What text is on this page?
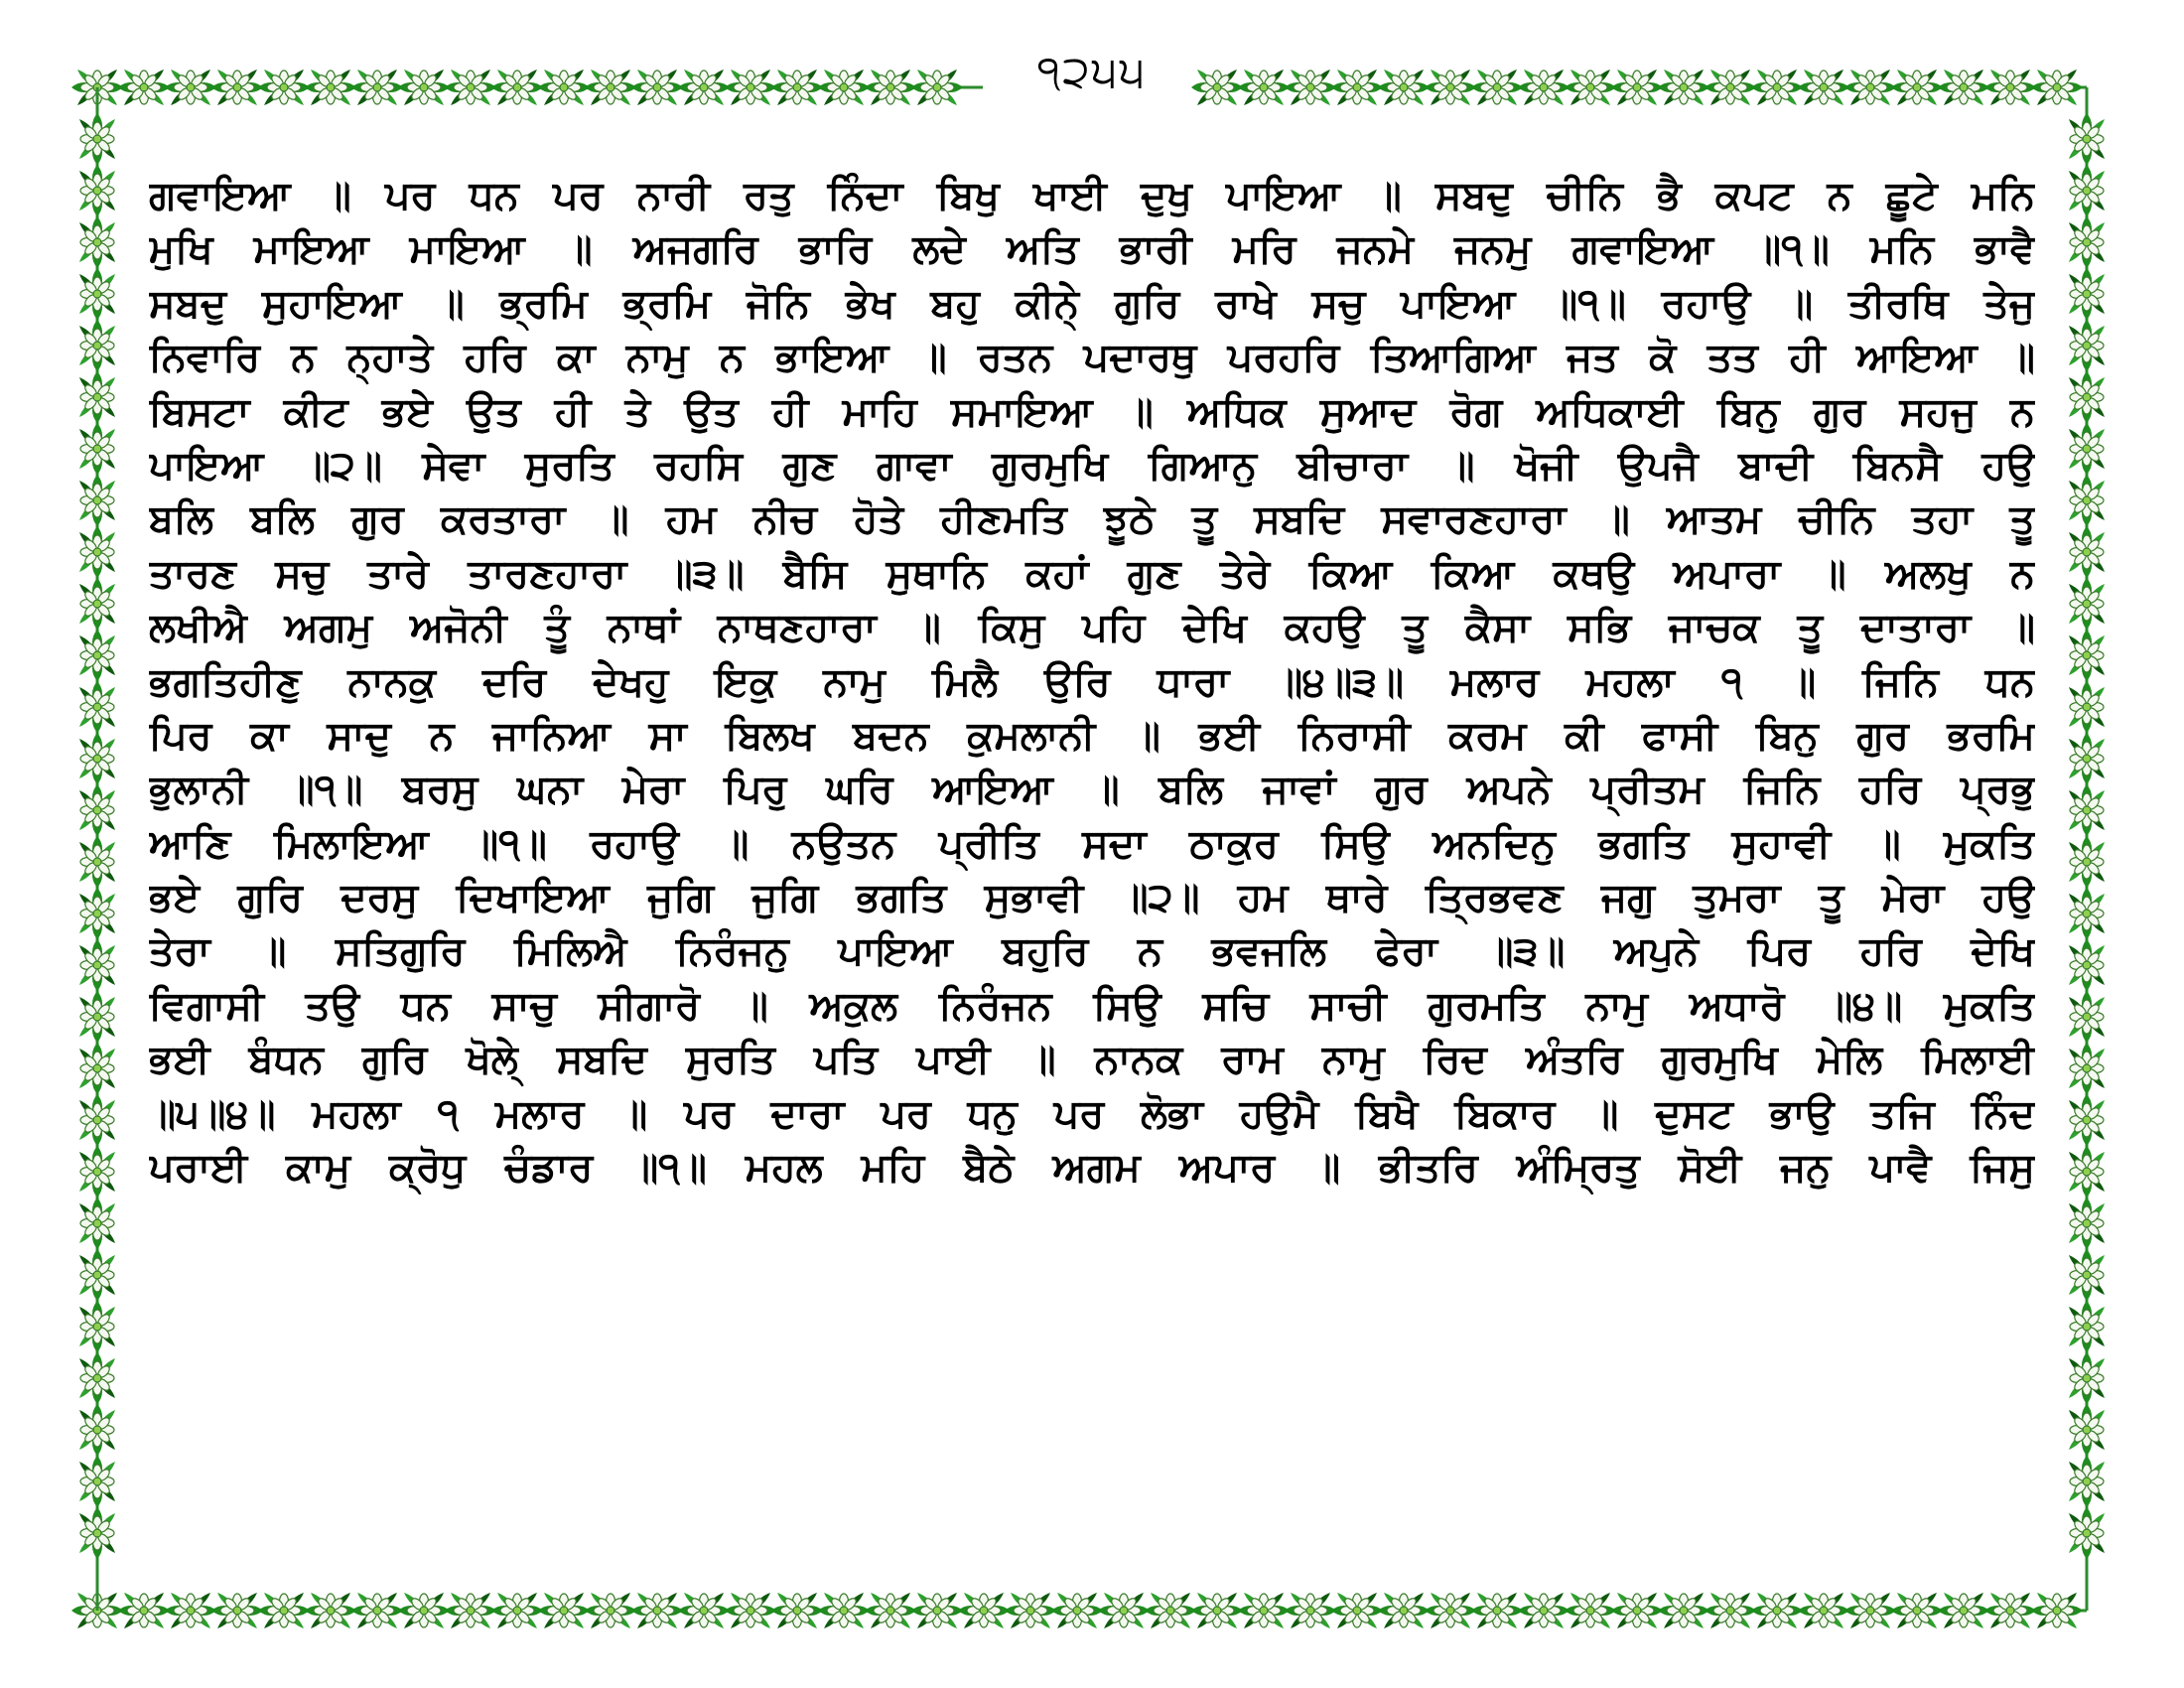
੧੨੫੫
ਗਵਾਇਆ ॥ ਪਰ ਧਨ ਪਰ ਨਾਰੀ ਰਤੁ ਨਿੰਦਾ ਬਿਖੁ ਖਾਈ ਦੁਖੁ ਪਾਇਆ ॥ ਸਬਦੁ ਚੀਨਿ ਭੈ ਕਪਟ ਨ ਛੂਟੇ ਮਨਿ
ਮੁਖਿ ਮਾਇਆ ਮਾਇਆ ॥ ਅਜਗਰਿ ਭਾਰਿ ਲਦੇ ਅਤਿ ਭਾਰੀ ਮਰਿ ਜਨਮੇ ਜਨਮੁ ਗਵਾਇਆ ॥੧॥ ਮਨਿ ਭਾਵੈ
ਸਬਦੁ ਸੁਹਾਇਆ ॥ ਭ੍ਰਮਿ ਭ੍ਰਮਿ ਜੋਨਿ ਭੇਖ ਬਹੁ ਕੀਨੇ੍ ਗੁਰਿ ਰਾਖੇ ਸਚੁ ਪਾਇਆ ॥੧॥ ਰਹਾਉ ॥ ਤੀਰਥਿ ਤੇਜੁ
ਨਿਵਾਰਿ ਨ ਨ੍ਹਾਤੇ ਹਰਿ ਕਾ ਨਾਮੁ ਨ ਭਾਇਆ ॥ ਰਤਨ ਪਦਾਰਥੁ ਪਰਹਰਿ ਤਿਆਗਿਆ ਜਤ ਕੋ ਤਤ ਹੀ ਆਇਆ ॥
ਬਿਸਟਾ ਕੀਟ ਭਏ ਉਤ ਹੀ ਤੇ ਉਤ ਹੀ ਮਾਹਿ ਸਮਾਇਆ ॥ ਅਧਿਕ ਸੁਆਦ ਰੋਗ ਅਧਿਕਾਈ ਬਿਨੁ ਗੁਰ ਸਹਜੁ ਨ
ਪਾਇਆ ॥੨॥ ਸੇਵਾ ਸੁਰਤਿ ਰਹਸਿ ਗੁਣ ਗਾਵਾ ਗੁਰਮੁਖਿ ਗਿਆਨੁ ਬੀਚਾਰਾ ॥ ਖੋਜੀ ਉਪਜੈ ਬਾਦੀ ਬਿਨਸੈ ਹਉ
ਬਲਿ ਬਲਿ ਗੁਰ ਕਰਤਾਰਾ ॥ ਹਮ ਨੀਚ ਹੋਤੇ ਹੀਣਮਤਿ ਝੂਠੇ ਤੂ ਸਬਦਿ ਸਵਾਰਣਹਾਰਾ ॥ ਆਤਮ ਚੀਨਿ ਤਹਾ ਤੂ
ਤਾਰਣ ਸਚੁ ਤਾਰੇ ਤਾਰਣਹਾਰਾ ॥੩॥ ਬੈਸਿ ਸੁਥਾਨਿ ਕਹਾਂ ਗੁਣ ਤੇਰੇ ਕਿਆ ਕਿਆ ਕਥਉ ਅਪਾਰਾ ॥ ਅਲਖੁ ਨ
ਲਖੀਐ ਅਗਮੁ ਅਜੋਨੀ ਤੂੰ ਨਾਥਾਂ ਨਾਥਣਹਾਰਾ ॥ ਕਿਸੁ ਪਹਿ ਦੇਖਿ ਕਹਉ ਤੂ ਕੈਸਾ ਸਭਿ ਜਾਚਕ ਤੂ ਦਾਤਾਰਾ ॥
ਭਗਤਿਹੀਣੁ ਨਾਨਕੁ ਦਰਿ ਦੇਖਹੁ ਇਕੁ ਨਾਮੁ ਮਿਲੈ ਉਰਿ ਧਾਰਾ ॥੪॥੩॥ ਮਲਾਰ ਮਹਲਾ ੧ ॥ ਜਿਨਿ ਧਨ
ਪਿਰ ਕਾ ਸਾਦੁ ਨ ਜਾਨਿਆ ਸਾ ਬਿਲਖ ਬਦਨ ਕੁਮਲਾਨੀ ॥ ਭਈ ਨਿਰਾਸੀ ਕਰਮ ਕੀ ਫਾਸੀ ਬਿਨੁ ਗੁਰ ਭਰਮਿ
ਭੁਲਾਨੀ ॥੧॥ ਬਰਸੁ ਘਨਾ ਮੇਰਾ ਪਿਰੁ ਘਰਿ ਆਇਆ ॥ ਬਲਿ ਜਾਵਾਂ ਗੁਰ ਅਪਨੇ ਪ੍ਰੀਤਮ ਜਿਨਿ ਹਰਿ ਪ੍ਰਭੁ
ਆਣਿ ਮਿਲਾਇਆ ॥੧॥ ਰਹਾਉ ॥ ਨਉਤਨ ਪ੍ਰੀਤਿ ਸਦਾ ਠਾਕੁਰ ਸਿਉ ਅਨਦਿਨੁ ਭਗਤਿ ਸੁਹਾਵੀ ॥ ਮੁਕਤਿ
ਭਏ ਗੁਰਿ ਦਰਸੁ ਦਿਖਾਇਆ ਜੁਗਿ ਜੁਗਿ ਭਗਤਿ ਸੁਭਾਵੀ ॥੨॥ ਹਮ ਥਾਰੇ ਤ੍ਰਿਭਵਣ ਜਗੁ ਤੁਮਰਾ ਤੂ ਮੇਰਾ ਹਉ
ਤੇਰਾ ॥ ਸਤਿਗੁਰਿ ਮਿਲਿਐ ਨਿਰੰਜਨੁ ਪਾਇਆ ਬਹੁਰਿ ਨ ਭਵਜਲਿ ਫੇਰਾ ॥੩॥ ਅਪੁਨੇ ਪਿਰ ਹਰਿ ਦੇਖਿ
ਵਿਗਾਸੀ ਤਉ ਧਨ ਸਾਚੁ ਸੀਗਾਰੋ ॥ ਅਕੁਲ ਨਿਰੰਜਨ ਸਿਉ ਸਚਿ ਸਾਚੀ ਗੁਰਮਤਿ ਨਾਮੁ ਅਧਾਰੋ ॥੪॥ ਮੁਕਤਿ
ਭਈ ਬੰਧਨ ਗੁਰਿ ਖੋਲੇ੍ ਸਬਦਿ ਸੁਰਤਿ ਪਤਿ ਪਾਈ ॥ ਨਾਨਕ ਰਾਮ ਨਾਮੁ ਰਿਦ ਅੰਤਰਿ ਗੁਰਮੁਖਿ ਮੇਲਿ ਮਿਲਾਈ
॥੫॥੪॥ ਮਹਲਾ ੧ ਮਲਾਰ ॥ ਪਰ ਦਾਰਾ ਪਰ ਧਨੁ ਪਰ ਲੋਭਾ ਹਉਮੈ ਬਿਖੈ ਬਿਕਾਰ ॥ ਦੁਸਟ ਭਾਉ ਤਜਿ ਨਿੰਦ
ਪਰਾਈ ਕਾਮੁ ਕ੍ਰੋਧੁ ਚੰਡਾਰ ॥੧॥ ਮਹਲ ਮਹਿ ਬੈਠੇ ਅਗਮ ਅਪਾਰ ॥ ਭੀਤਰਿ ਅੰਮ੍ਰਿਤੁ ਸੋਈ ਜਨੁ ਪਾਵੈ ਜਿਸੁ
